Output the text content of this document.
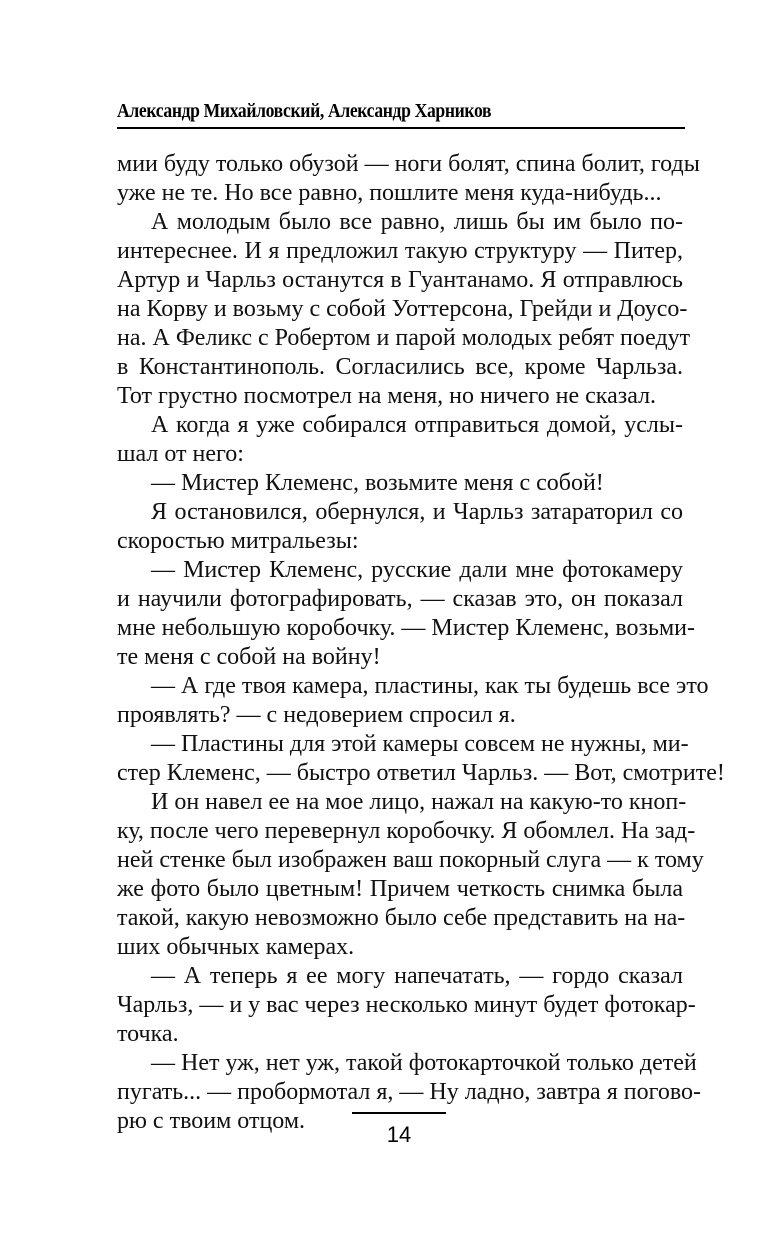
Александр Михайловский, Александр Харников
мии буду только обузой — ноги болят, спина болит, годы
уже не те. Но все равно, пошлите меня куда-нибудь...
А молодым было все равно, лишь бы им было по-
интереснее. И я предложил такую структуру — Питер,
Артур и Чарльз останутся в Гуантанамо. Я отправлюсь
на Корву и возьму с собой Уоттерсона, Грейди и Доусо-
на. А Феликс с Робертом и парой молодых ребят поедут
в Константинополь. Согласились все, кроме Чарльза.
Тот грустно посмотрел на меня, но ничего не сказал.
А когда я уже собирался отправиться домой, услы-
шал от него:
— Мистер Клеменс, возьмите меня с собой!
Я остановился, обернулся, и Чарльз затараторил со
скоростью митральезы:
— Мистер Клеменс, русские дали мне фотокамеру
и научили фотографировать, — сказав это, он показал
мне небольшую коробочку. — Мистер Клеменс, возьми-
те меня с собой на войну!
— А где твоя камера, пластины, как ты будешь все это
проявлять? — с недоверием спросил я.
— Пластины для этой камеры совсем не нужны, ми-
стер Клеменс, — быстро ответил Чарльз. — Вот, смотрите!
И он навел ее на мое лицо, нажал на какую-то кноп-
ку, после чего перевернул коробочку. Я обомлел. На зад-
ней стенке был изображен ваш покорный слуга — к тому
же фото было цветным! Причем четкость снимка была
такой, какую невозможно было себе представить на на-
ших обычных камерах.
— А теперь я ее могу напечатать, — гордо сказал
Чарльз, — и у вас через несколько минут будет фотокар-
точка.
— Нет уж, нет уж, такой фотокарточкой только детей
пугать... — пробормотал я, — Ну ладно, завтра я погово-
рю с твоим отцом.
14
